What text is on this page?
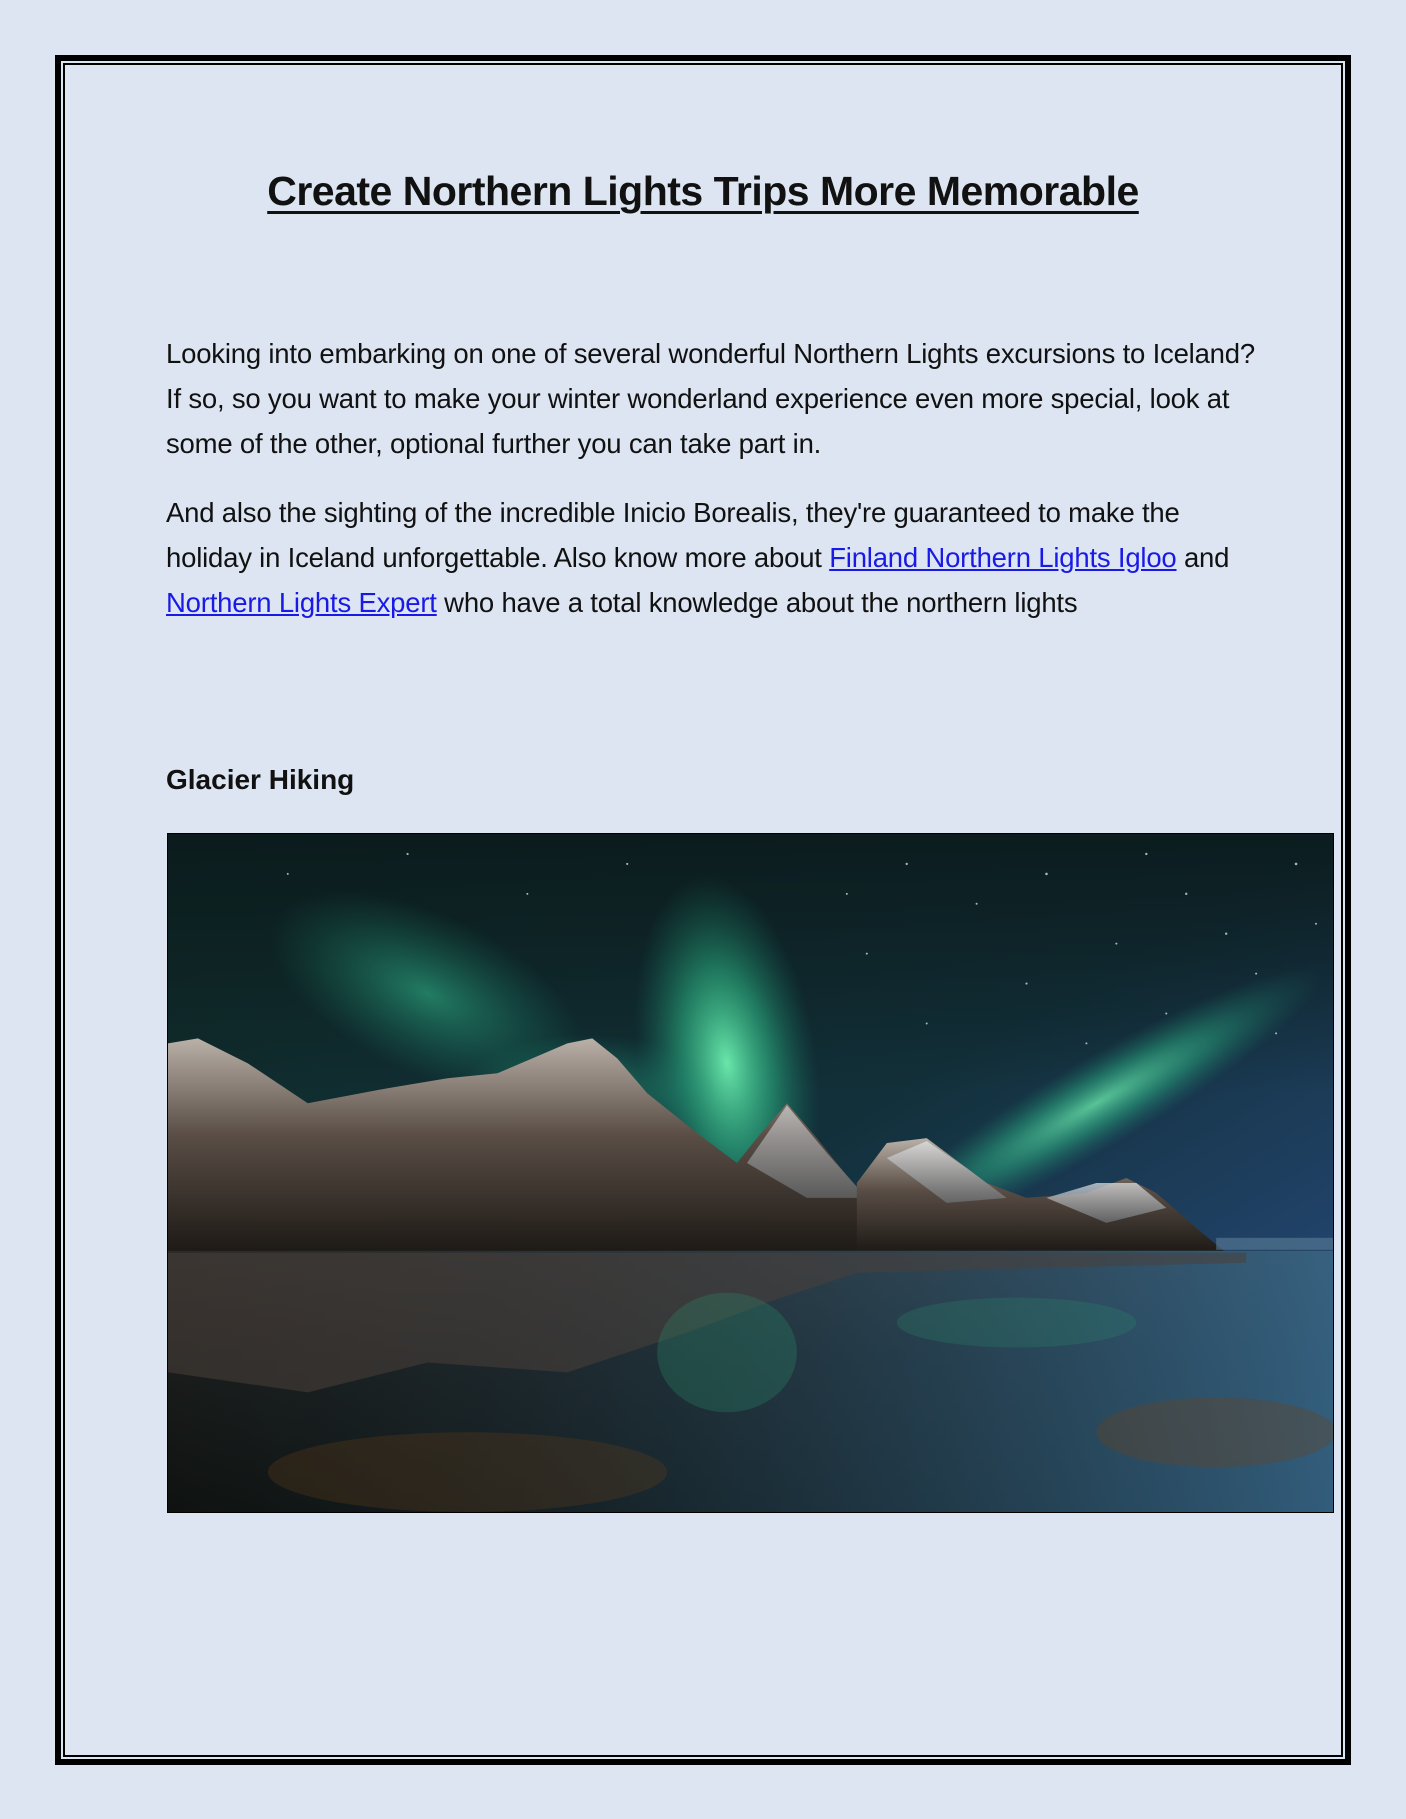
Create Northern Lights Trips More Memorable

Looking into embarking on one of several wonderful Northern Lights excursions to Iceland? If so, so you want to make your winter wonderland experience even more special, look at some of the other, optional further you can take part in.

And also the sighting of the incredible Inicio Borealis, they're guaranteed to make the holiday in Iceland unforgettable. Also know more about Finland Northern Lights Igloo and Northern Lights Expert who have a total knowledge about the northern lights

Glacier Hiking
